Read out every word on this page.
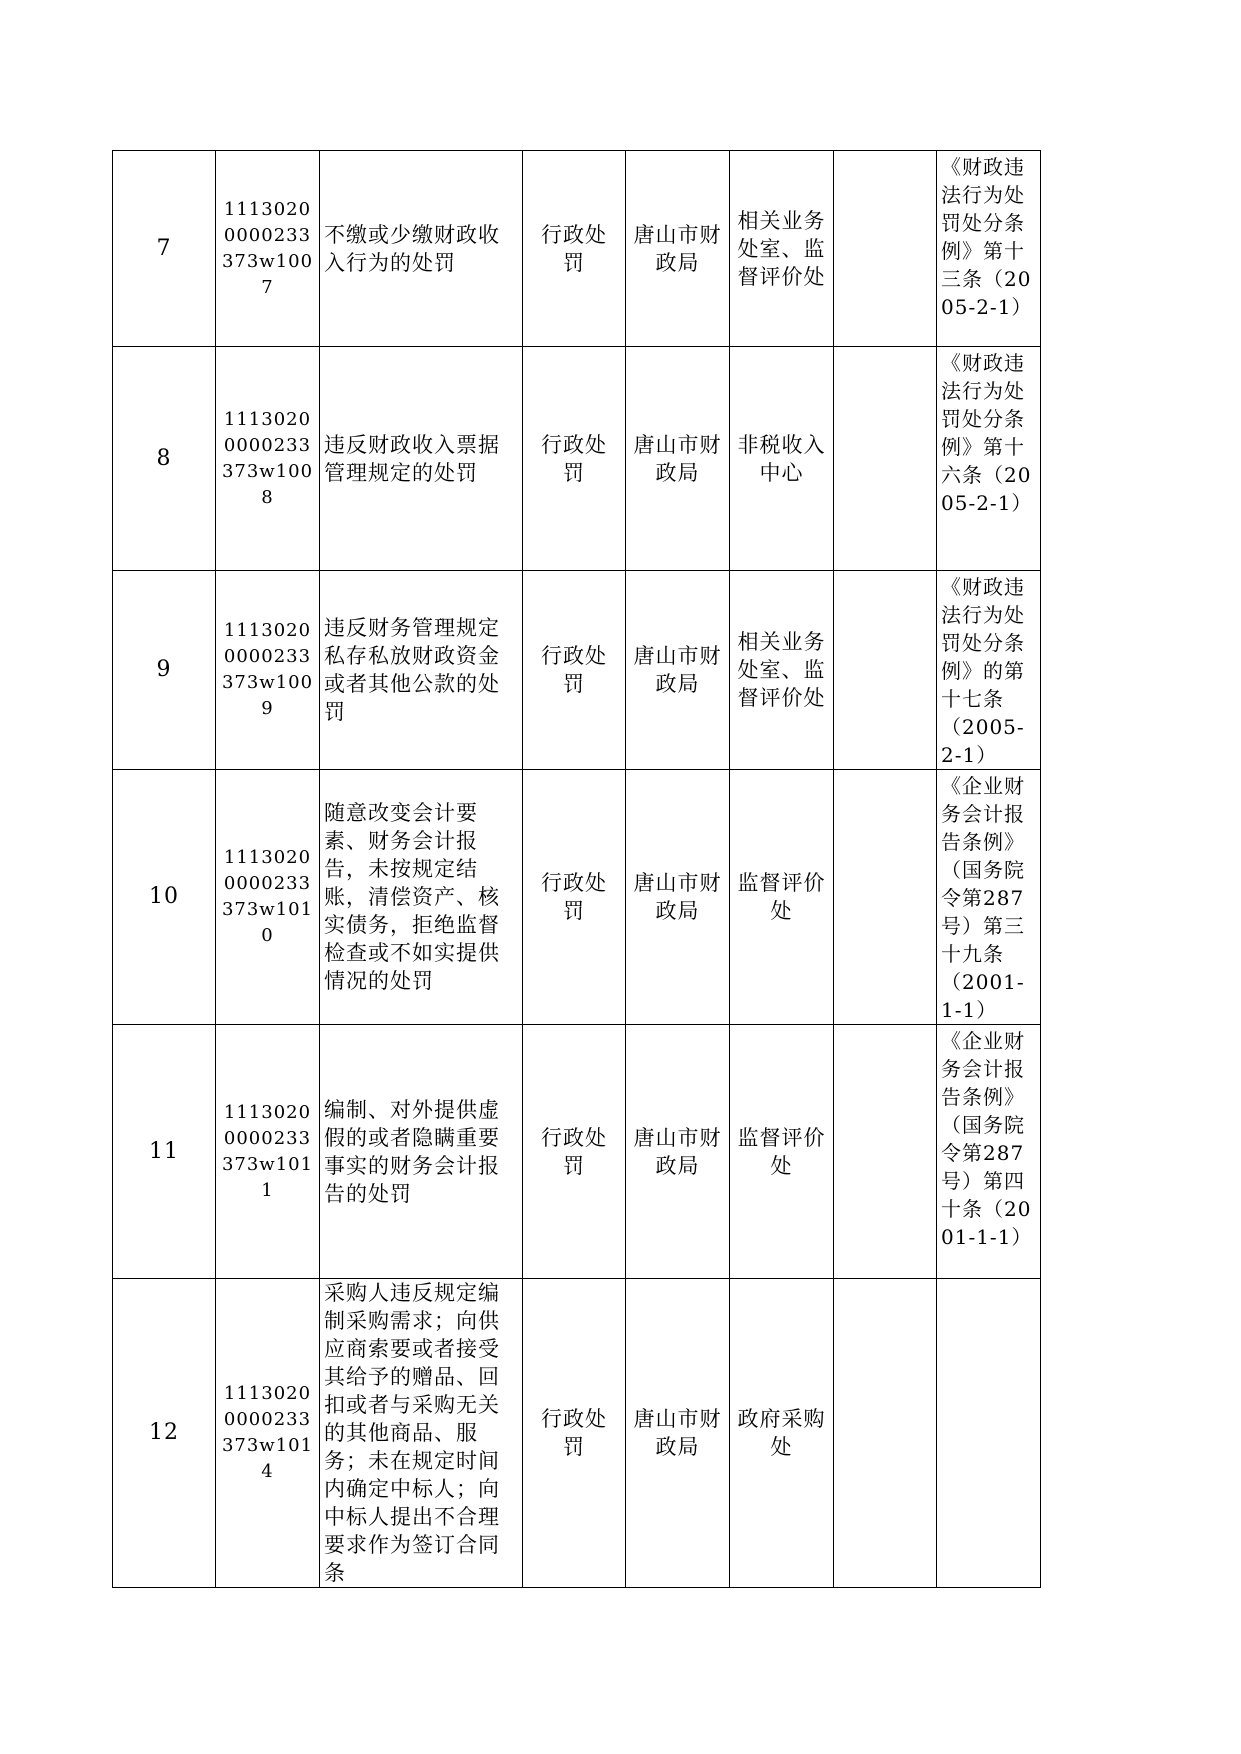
7	11130200000233373w1007	不缴或少缴财政收入行为的处罚	行政处罚	唐山市财政局	相关业务处室、监督评价处		《财政违法行为处罚处分条例》第十三条（2005-2-1）
8	11130200000233373w1008	违反财政收入票据管理规定的处罚	行政处罚	唐山市财政局	非税收入中心		《财政违法行为处罚处分条例》第十六条（2005-2-1）
9	11130200000233373w1009	违反财务管理规定私存私放财政资金或者其他公款的处罚	行政处罚	唐山市财政局	相关业务处室、监督评价处		《财政违法行为处罚处分条例》的第十七条（2005-2-1）
10	11130200000233373w1010	随意改变会计要素、财务会计报告，未按规定结账，清偿资产、核实债务，拒绝监督检查或不如实提供情况的处罚	行政处罚	唐山市财政局	监督评价处		《企业财务会计报告条例》（国务院令第287号）第三十九条（2001-1-1）
11	11130200000233373w1011	编制、对外提供虚假的或者隐瞒重要事实的财务会计报告的处罚	行政处罚	唐山市财政局	监督评价处		《企业财务会计报告条例》（国务院令第287号）第四十条（2001-1-1）
12	11130200000233373w1014	采购人违反规定编制采购需求；向供应商索要或者接受其给予的赠品、回扣或者与采购无关的其他商品、服务；未在规定时间内确定中标人；向中标人提出不合理要求作为签订合同条	行政处罚	唐山市财政局	政府采购处		
